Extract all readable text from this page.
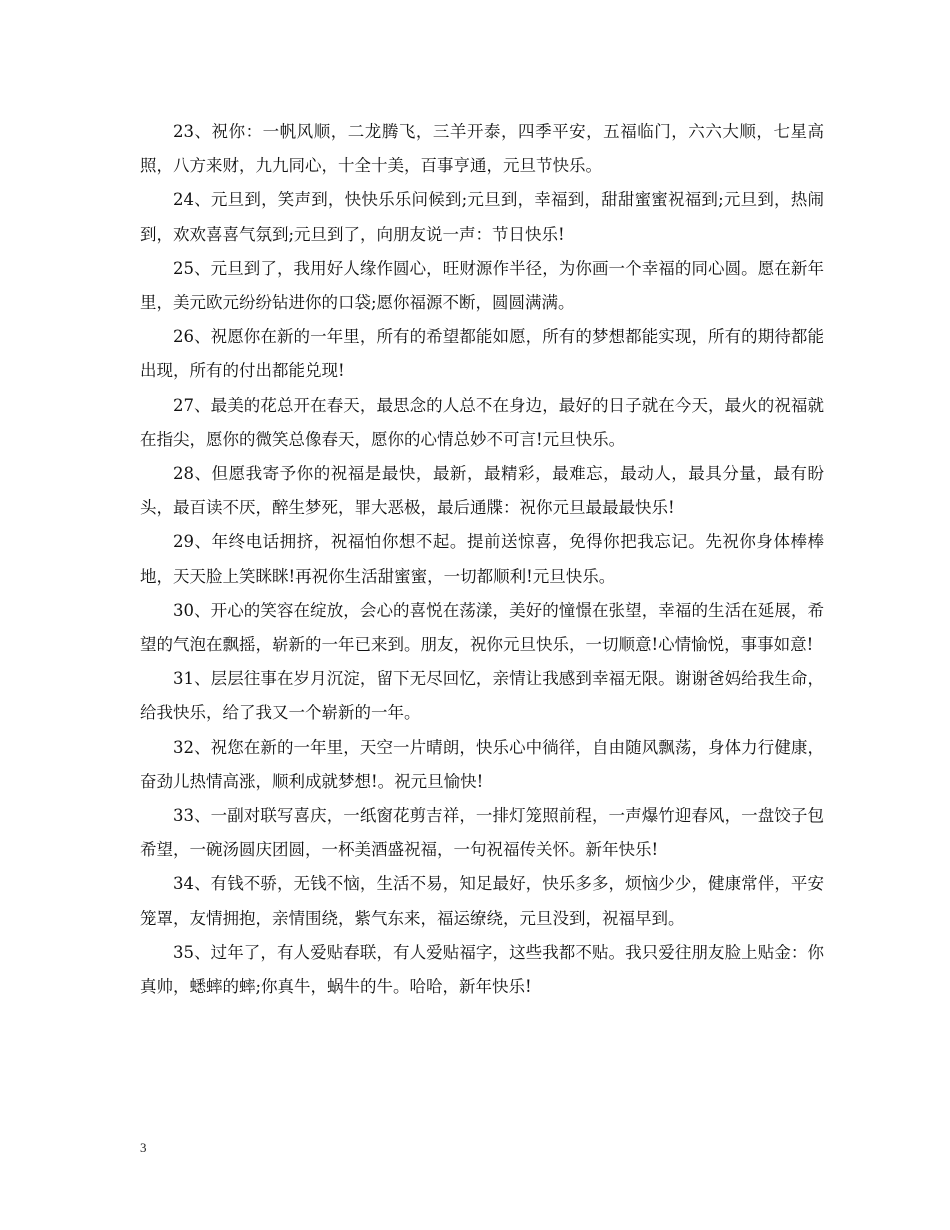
23、祝你：一帆风顺，二龙腾飞，三羊开泰，四季平安，五福临门，六六大顺，七星高照，八方来财，九九同心，十全十美，百事亨通，元旦节快乐。

24、元旦到，笑声到，快快乐乐问候到;元旦到，幸福到，甜甜蜜蜜祝福到;元旦到，热闹到，欢欢喜喜气氛到;元旦到了，向朋友说一声：节日快乐!

25、元旦到了，我用好人缘作圆心，旺财源作半径，为你画一个幸福的同心圆。愿在新年里，美元欧元纷纷钻进你的口袋;愿你福源不断，圆圆满满。

26、祝愿你在新的一年里，所有的希望都能如愿，所有的梦想都能实现，所有的期待都能出现，所有的付出都能兑现!

27、最美的花总开在春天，最思念的人总不在身边，最好的日子就在今天，最火的祝福就在指尖，愿你的微笑总像春天，愿你的心情总妙不可言!元旦快乐。

28、但愿我寄予你的祝福是最快，最新，最精彩，最难忘，最动人，最具分量，最有盼头，最百读不厌，醉生梦死，罪大恶极，最后通牒：祝你元旦最最最快乐!

29、年终电话拥挤，祝福怕你想不起。提前送惊喜，免得你把我忘记。先祝你身体棒棒地，天天脸上笑眯眯!再祝你生活甜蜜蜜，一切都顺利!元旦快乐。

30、开心的笑容在绽放，会心的喜悦在荡漾，美好的憧憬在张望，幸福的生活在延展，希望的气泡在飘摇，崭新的一年已来到。朋友，祝你元旦快乐，一切顺意!心情愉悦，事事如意!

31、层层往事在岁月沉淀，留下无尽回忆，亲情让我感到幸福无限。谢谢爸妈给我生命，给我快乐，给了我又一个崭新的一年。

32、祝您在新的一年里，天空一片晴朗，快乐心中徜徉，自由随风飘荡，身体力行健康，奋劲儿热情高涨，顺利成就梦想!。祝元旦愉快!

33、一副对联写喜庆，一纸窗花剪吉祥，一排灯笼照前程，一声爆竹迎春风，一盘饺子包希望，一碗汤圆庆团圆，一杯美酒盛祝福，一句祝福传关怀。新年快乐!

34、有钱不骄，无钱不恼，生活不易，知足最好，快乐多多，烦恼少少，健康常伴，平安笼罩，友情拥抱，亲情围绕，紫气东来，福运缭绕，元旦没到，祝福早到。

35、过年了，有人爱贴春联，有人爱贴福字，这些我都不贴。我只爱往朋友脸上贴金：你真帅，蟋蟀的蟀;你真牛，蜗牛的牛。哈哈，新年快乐!

3
